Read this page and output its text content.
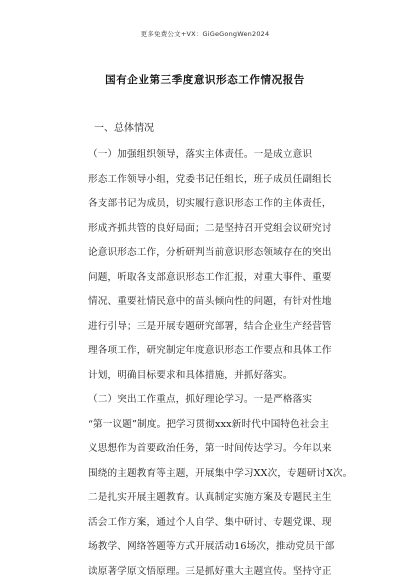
更多免费公文+VX：GiGeGongWen2024
国有企业第三季度意识形态工作情况报告
一、总体情况
（一）加强组织领导，落实主体责任。一是成立意识
形态工作领导小组，党委书记任组长，班子成员任副组长
各支部书记为成员，切实履行意识形态工作的主体责任，
形成齐抓共管的良好局面；二是坚持召开党组会议研究讨
论意识形态工作，分析研判当前意识形态领域存在的突出
问题，听取各支部意识形态工作汇报，对重大事件、重要
情况、重要社情民意中的苗头倾向性的问题，有针对性地
进行引导；三是开展专题研究部署，结合企业生产经营管
理各项工作，研究制定年度意识形态工作要点和具体工作
计划，明确目标要求和具体措施，并抓好落实。
（二）突出工作重点，抓好理论学习。一是严格落实
“第一议题”制度。把学习贯彻xxx新时代中国特色社会主
义思想作为首要政治任务，第一时间传达学习。今年以来
围绕的主题教育等主题，开展集中学习XX次，专题研讨X次。
二是扎实开展主题教育。认真制定实施方案及专题民主生
活会工作方案，通过个人自学、集中研讨、专题党课、现
场教学、网络答题等方式开展活动16场次，推动党员干部
读原著学原文悟原理。三是抓好重大主题宣传。坚持守正
